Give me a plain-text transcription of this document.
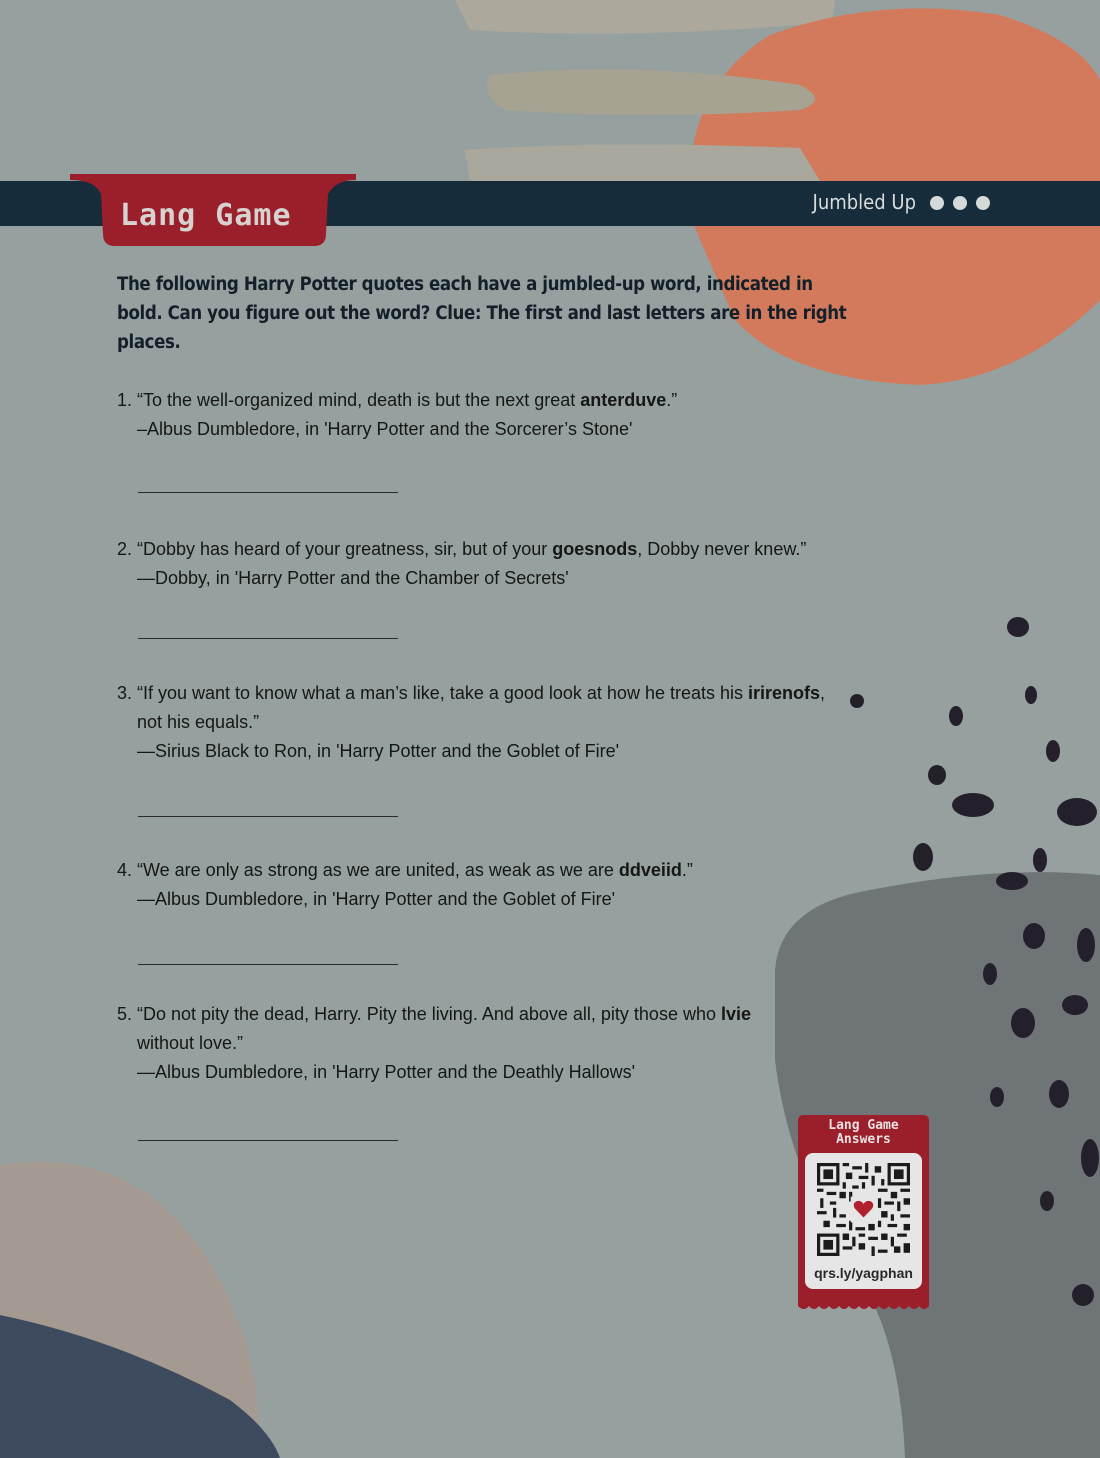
Lang Game	Jumbled Up
The following Harry Potter quotes each have a jumbled-up word, indicated in bold. Can you figure out the word? Clue: The first and last letters are in the right places.
1. “To the well-organized mind, death is but the next great anterduve.”
–Albus Dumbledore, in 'Harry Potter and the Sorcerer’s Stone'
2. “Dobby has heard of your greatness, sir, but of your goesnods, Dobby never knew.”
—Dobby, in 'Harry Potter and the Chamber of Secrets'
3. “If you want to know what a man’s like, take a good look at how he treats his irirenofs,
not his equals.”
—Sirius Black to Ron, in 'Harry Potter and the Goblet of Fire'
4. “We are only as strong as we are united, as weak as we are ddveiid.”
—Albus Dumbledore, in 'Harry Potter and the Goblet of Fire'
5. “Do not pity the dead, Harry. Pity the living. And above all, pity those who lvie
without love.”
—Albus Dumbledore, in 'Harry Potter and the Deathly Hallows'
Lang Game
Answers
qrs.ly/yagphan
